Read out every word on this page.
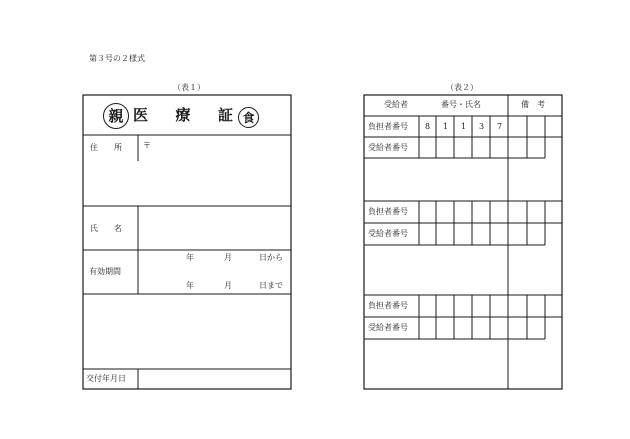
第３号の２様式
（表１）	（表２）
親 医 療 証 食
住　　所	〒
氏　　名
有効期間
年	月	日から
年	月	日まで
交付年月日
受給者	番号・氏名	備　考
負担者番号 8 1 1 3 7
受給者番号
負担者番号
受給者番号
負担者番号
受給者番号
